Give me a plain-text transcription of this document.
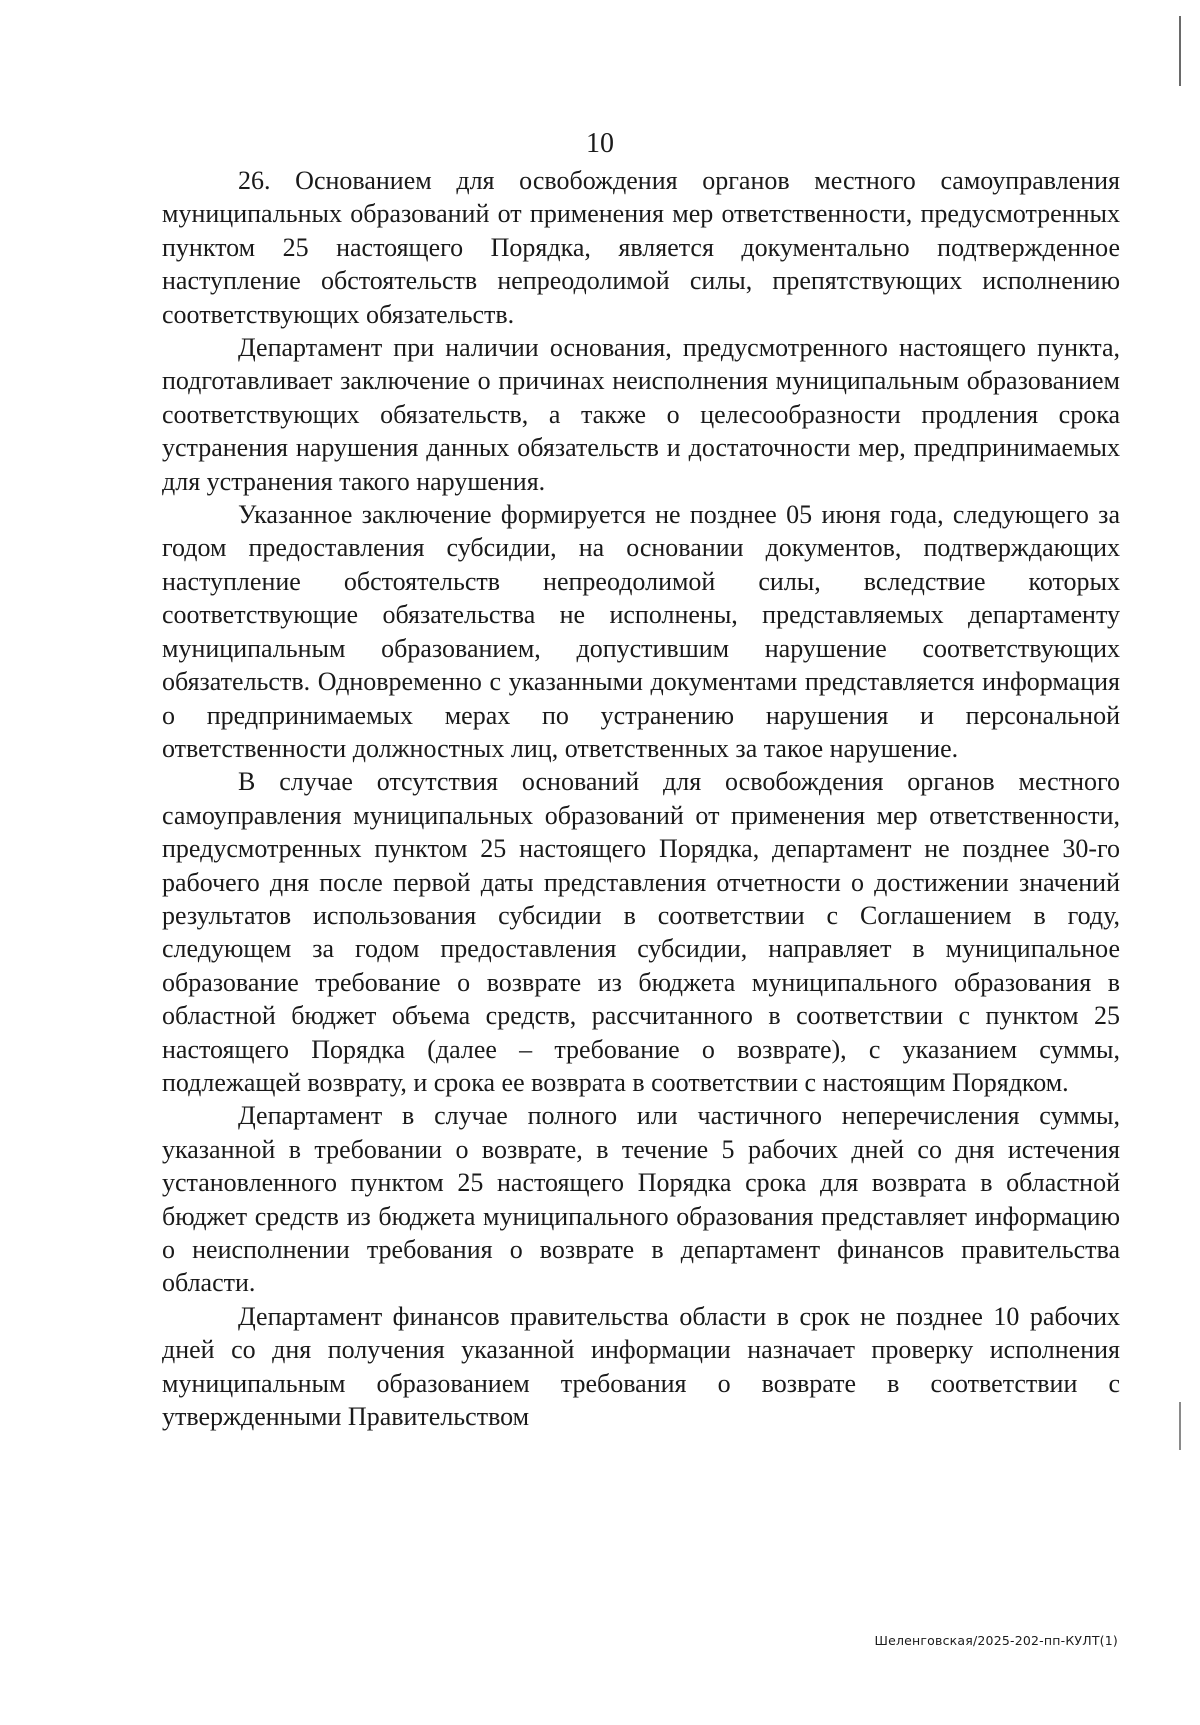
10

26. Основанием для освобождения органов местного самоуправления муниципальных образований от применения мер ответственности, предусмотренных пунктом 25 настоящего Порядка, является документально подтвержденное наступление обстоятельств непреодолимой силы, препятствующих исполнению соответствующих обязательств.

Департамент при наличии основания, предусмотренного настоящего пункта, подготавливает заключение о причинах неисполнения муниципальным образованием соответствующих обязательств, а также о целесообразности продления срока устранения нарушения данных обязательств и достаточности мер, предпринимаемых для устранения такого нарушения.

Указанное заключение формируется не позднее 05 июня года, следующего за годом предоставления субсидии, на основании документов, подтверждающих наступление обстоятельств непреодолимой силы, вследствие которых соответствующие обязательства не исполнены, представляемых департаменту муниципальным образованием, допустившим нарушение соответствующих обязательств. Одновременно с указанными документами представляется информация о предпринимаемых мерах по устранению нарушения и персональной ответственности должностных лиц, ответственных за такое нарушение.

В случае отсутствия оснований для освобождения органов местного самоуправления муниципальных образований от применения мер ответственности, предусмотренных пунктом 25 настоящего Порядка, департамент не позднее 30-го рабочего дня после первой даты представления отчетности о достижении значений результатов использования субсидии в соответствии с Соглашением в году, следующем за годом предоставления субсидии, направляет в муниципальное образование требование о возврате из бюджета муниципального образования в областной бюджет объема средств, рассчитанного в соответствии с пунктом 25 настоящего Порядка (далее – требование о возврате), с указанием суммы, подлежащей возврату, и срока ее возврата в соответствии с настоящим Порядком.

Департамент в случае полного или частичного неперечисления суммы, указанной в требовании о возврате, в течение 5 рабочих дней со дня истечения установленного пунктом 25 настоящего Порядка срока для возврата в областной бюджет средств из бюджета муниципального образования представляет информацию о неисполнении требования о возврате в департамент финансов правительства области.

Департамент финансов правительства области в срок не позднее 10 рабочих дней со дня получения указанной информации назначает проверку исполнения муниципальным образованием требования о возврате в соответствии с утвержденными Правительством

Шеленговская/2025-202-пп-КУЛТ(1)
